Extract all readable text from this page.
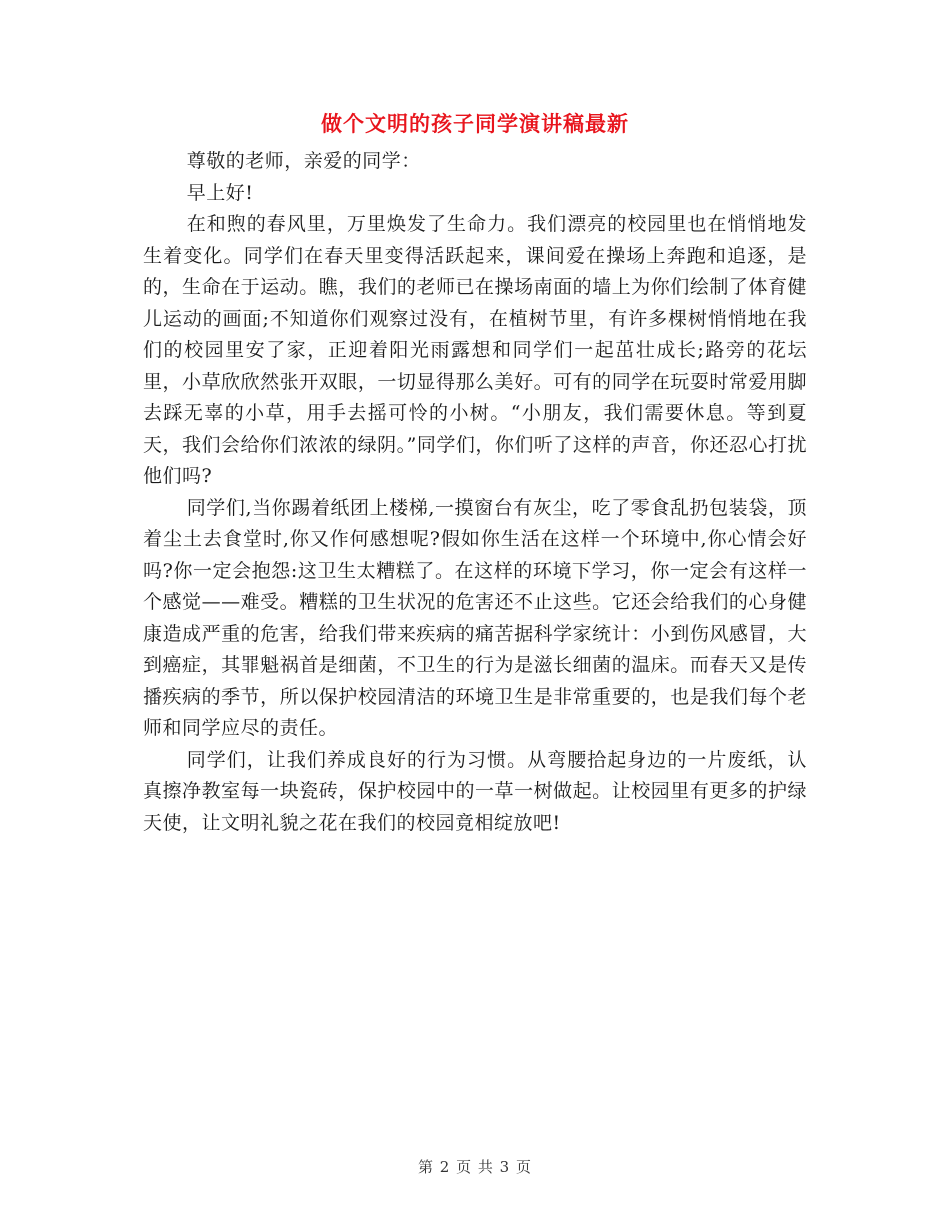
做个文明的孩子同学演讲稿最新

尊敬的老师，亲爱的同学：

早上好!

在和煦的春风里，万里焕发了生命力。我们漂亮的校园里也在悄悄地发生着变化。同学们在春天里变得活跃起来，课间爱在操场上奔跑和追逐，是的，生命在于运动。瞧，我们的老师已在操场南面的墙上为你们绘制了体育健儿运动的画面;不知道你们观察过没有，在植树节里，有许多棵树悄悄地在我们的校园里安了家，正迎着阳光雨露想和同学们一起茁壮成长;路旁的花坛里，小草欣欣然张开双眼，一切显得那么美好。可有的同学在玩耍时常爱用脚去踩无辜的小草，用手去摇可怜的小树。“小朋友，我们需要休息。等到夏天，我们会给你们浓浓的绿阴。”同学们，你们听了这样的声音，你还忍心打扰他们吗?

同学们,当你踢着纸团上楼梯,一摸窗台有灰尘，吃了零食乱扔包装袋，顶着尘土去食堂时,你又作何感想呢?假如你生活在这样一个环境中,你心情会好吗?你一定会抱怨:这卫生太糟糕了。在这样的环境下学习，你一定会有这样一个感觉——难受。糟糕的卫生状况的危害还不止这些。它还会给我们的心身健康造成严重的危害，给我们带来疾病的痛苦据科学家统计：小到伤风感冒，大到癌症，其罪魁祸首是细菌，不卫生的行为是滋长细菌的温床。而春天又是传播疾病的季节，所以保护校园清洁的环境卫生是非常重要的，也是我们每个老师和同学应尽的责任。

同学们，让我们养成良好的行为习惯。从弯腰拾起身边的一片废纸，认真擦净教室每一块瓷砖，保护校园中的一草一树做起。让校园里有更多的护绿天使，让文明礼貌之花在我们的校园竟相绽放吧!

第 2 页 共 3 页
